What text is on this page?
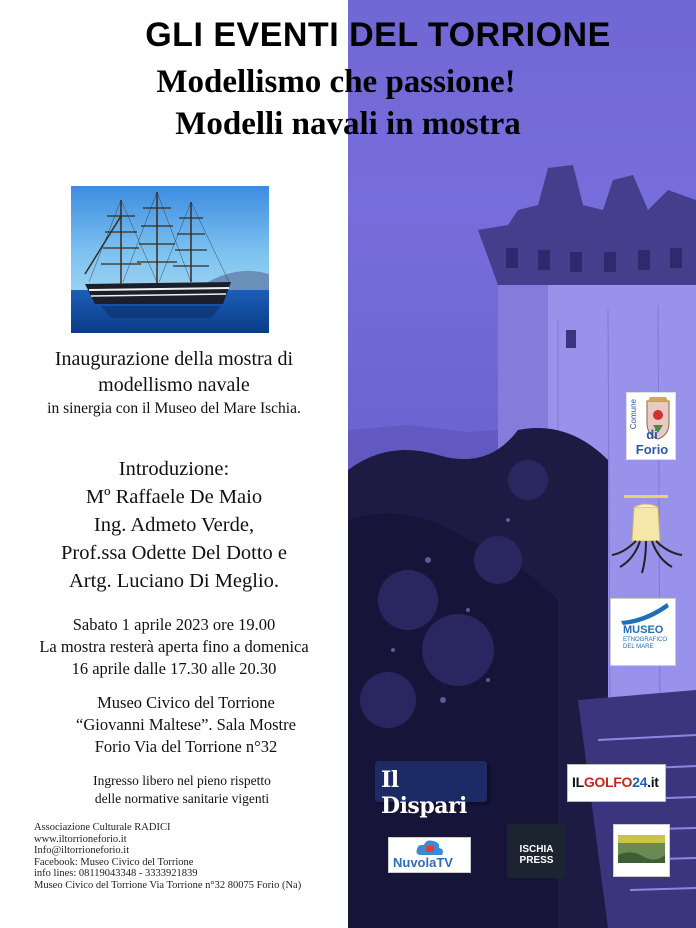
GLI EVENTI DEL TORRIONE
Modellismo che passione!
Modelli navali in mostra
Inaugurazione della mostra di
modellismo navale
in sinergia con il Museo del Mare Ischia.
Introduzione:
Mº Raffaele De Maio
Ing. Admeto Verde,
Prof.ssa Odette Del Dotto e
Artg. Luciano Di Meglio.
Sabato 1 aprile 2023 ore 19.00
La mostra resterà aperta fino a domenica
16 aprile dalle 17.30 alle 20.30
Museo Civico del Torrione
“Giovanni Maltese”. Sala Mostre
Forio Via del Torrione n°32
Ingresso libero nel pieno rispetto
delle normative sanitarie vigenti
Associazione Culturale RADICI
www.iltorrioneforio.it
Info@iltorrioneforio.it
Facebook: Museo Civico del Torrione
info lines: 08119043348 - 3333921839
Museo Civico del Torrione Via Torrione n°32 80075 Forio (Na)
Comune
di Forio
MUSEO
ETNOGRAFICO DEL MARE
Il Dispari
ILGOLFO24.it
NuvolaTV
ISCHIA PRESS
